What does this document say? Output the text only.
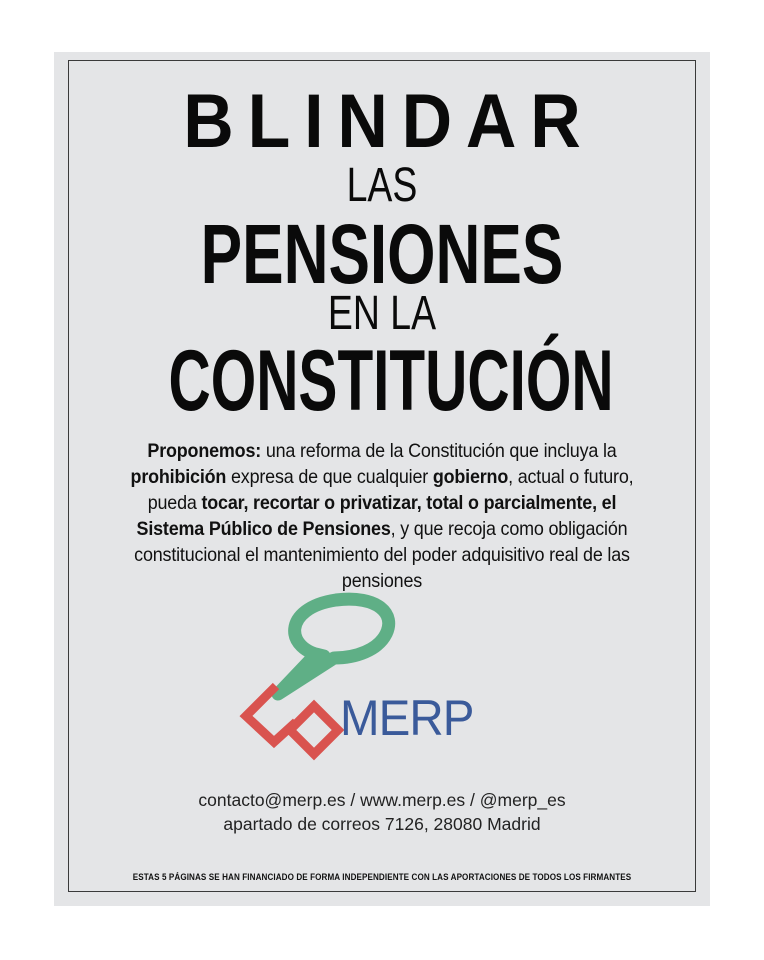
BLINDAR
LAS
PENSIONES
EN LA
CONSTITUCIÓN
Proponemos: una reforma de la Constitución que incluya la prohibición expresa de que cualquier gobierno, actual o futuro, pueda tocar, recortar o privatizar, total o parcialmente, el Sistema Público de Pensiones, y que recoja como obligación constitucional el mantenimiento del poder adquisitivo real de las pensiones
MERP
contacto@merp.es / www.merp.es / @merp_es
apartado de correos 7126, 28080 Madrid
ESTAS 5 PÁGINAS SE HAN FINANCIADO DE FORMA INDEPENDIENTE CON LAS APORTACIONES DE TODOS LOS FIRMANTES
